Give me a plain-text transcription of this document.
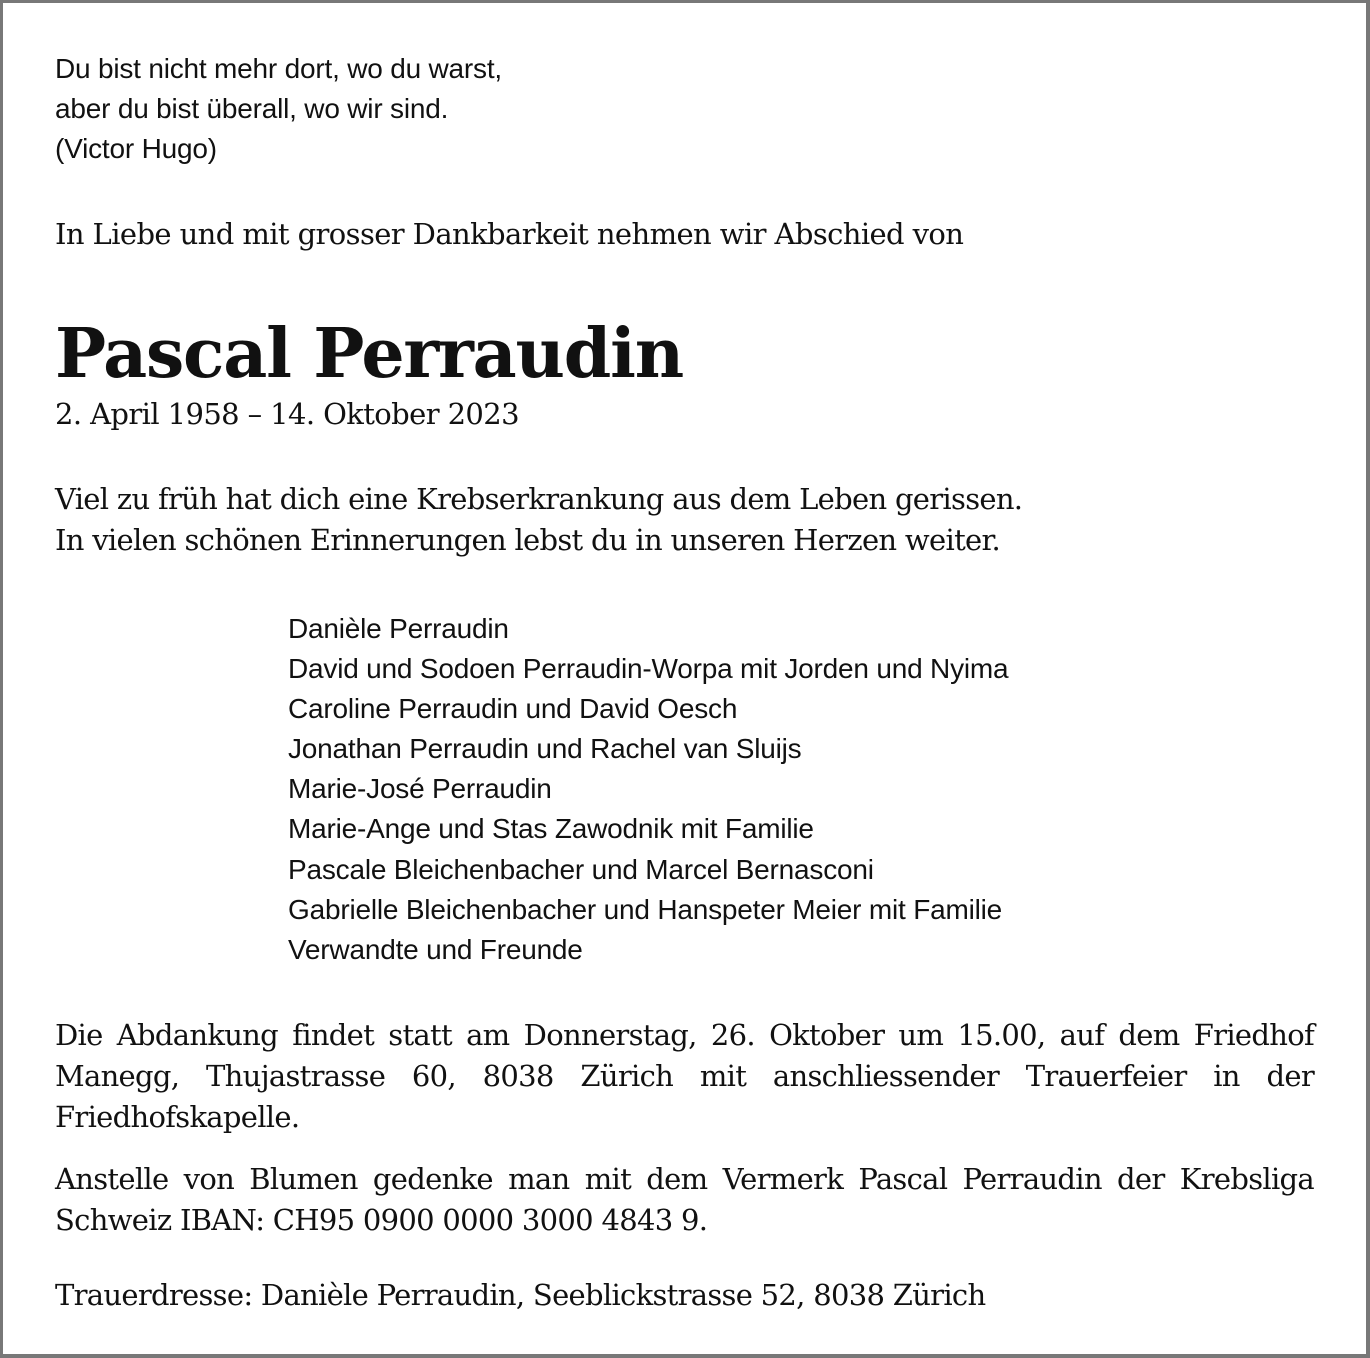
Du bist nicht mehr dort, wo du warst,
aber du bist überall, wo wir sind.
(Victor Hugo)

In Liebe und mit grosser Dankbarkeit nehmen wir Abschied von

Pascal Perraudin

2. April 1958 – 14. Oktober 2023

Viel zu früh hat dich eine Krebserkrankung aus dem Leben gerissen.
In vielen schönen Erinnerungen lebst du in unseren Herzen weiter.
Danièle Perraudin
David und Sodoen Perraudin-Worpa mit Jorden und Nyima
Caroline Perraudin und David Oesch
Jonathan Perraudin und Rachel van Sluijs
Marie-José Perraudin
Marie-Ange und Stas Zawodnik mit Familie
Pascale Bleichenbacher und Marcel Bernasconi
Gabrielle Bleichenbacher und Hanspeter Meier mit Familie
Verwandte und Freunde

Die Abdankung findet statt am Donnerstag, 26. Oktober um 15.00, auf dem Friedhof Manegg, Thujastrasse 60, 8038 Zürich mit anschliessender Trauerfeier in der Friedhofskapelle.

Anstelle von Blumen gedenke man mit dem Vermerk Pascal Perraudin der Krebsliga Schweiz IBAN: CH95 0900 0000 3000 4843 9.

Trauerdresse: Danièle Perraudin, Seeblickstrasse 52, 8038 Zürich
